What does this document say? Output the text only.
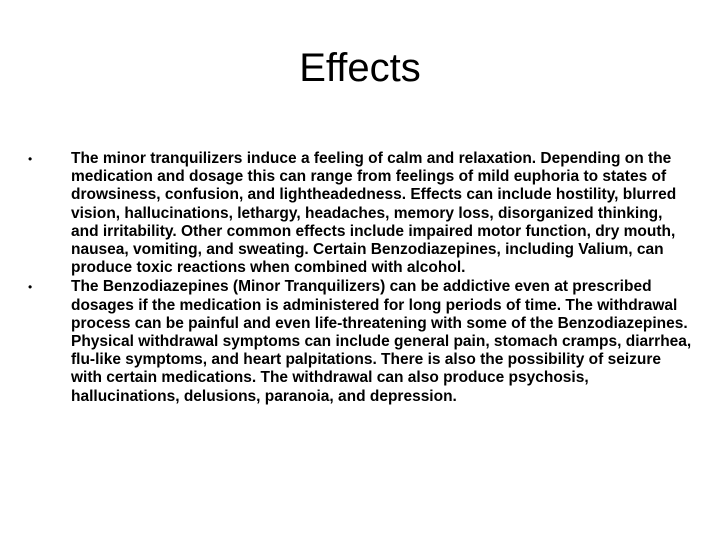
Effects
•	The minor tranquilizers induce a feeling of calm and relaxation. Depending on the medication and dosage this can range from feelings of mild euphoria to states of drowsiness, confusion, and lightheadedness. Effects can include hostility, blurred vision, hallucinations, lethargy, headaches, memory loss, disorganized thinking, and irritability. Other common effects include impaired motor function, dry mouth, nausea, vomiting, and sweating. Certain Benzodiazepines, including Valium, can produce toxic reactions when combined with alcohol.
•	The Benzodiazepines (Minor Tranquilizers) can be addictive even at prescribed dosages if the medication is administered for long periods of time. The withdrawal process can be painful and even life-threatening with some of the Benzodiazepines. Physical withdrawal symptoms can include general pain, stomach cramps, diarrhea, flu-like symptoms, and heart palpitations. There is also the possibility of seizure with certain medications. The withdrawal can also produce psychosis, hallucinations, delusions, paranoia, and depression.
